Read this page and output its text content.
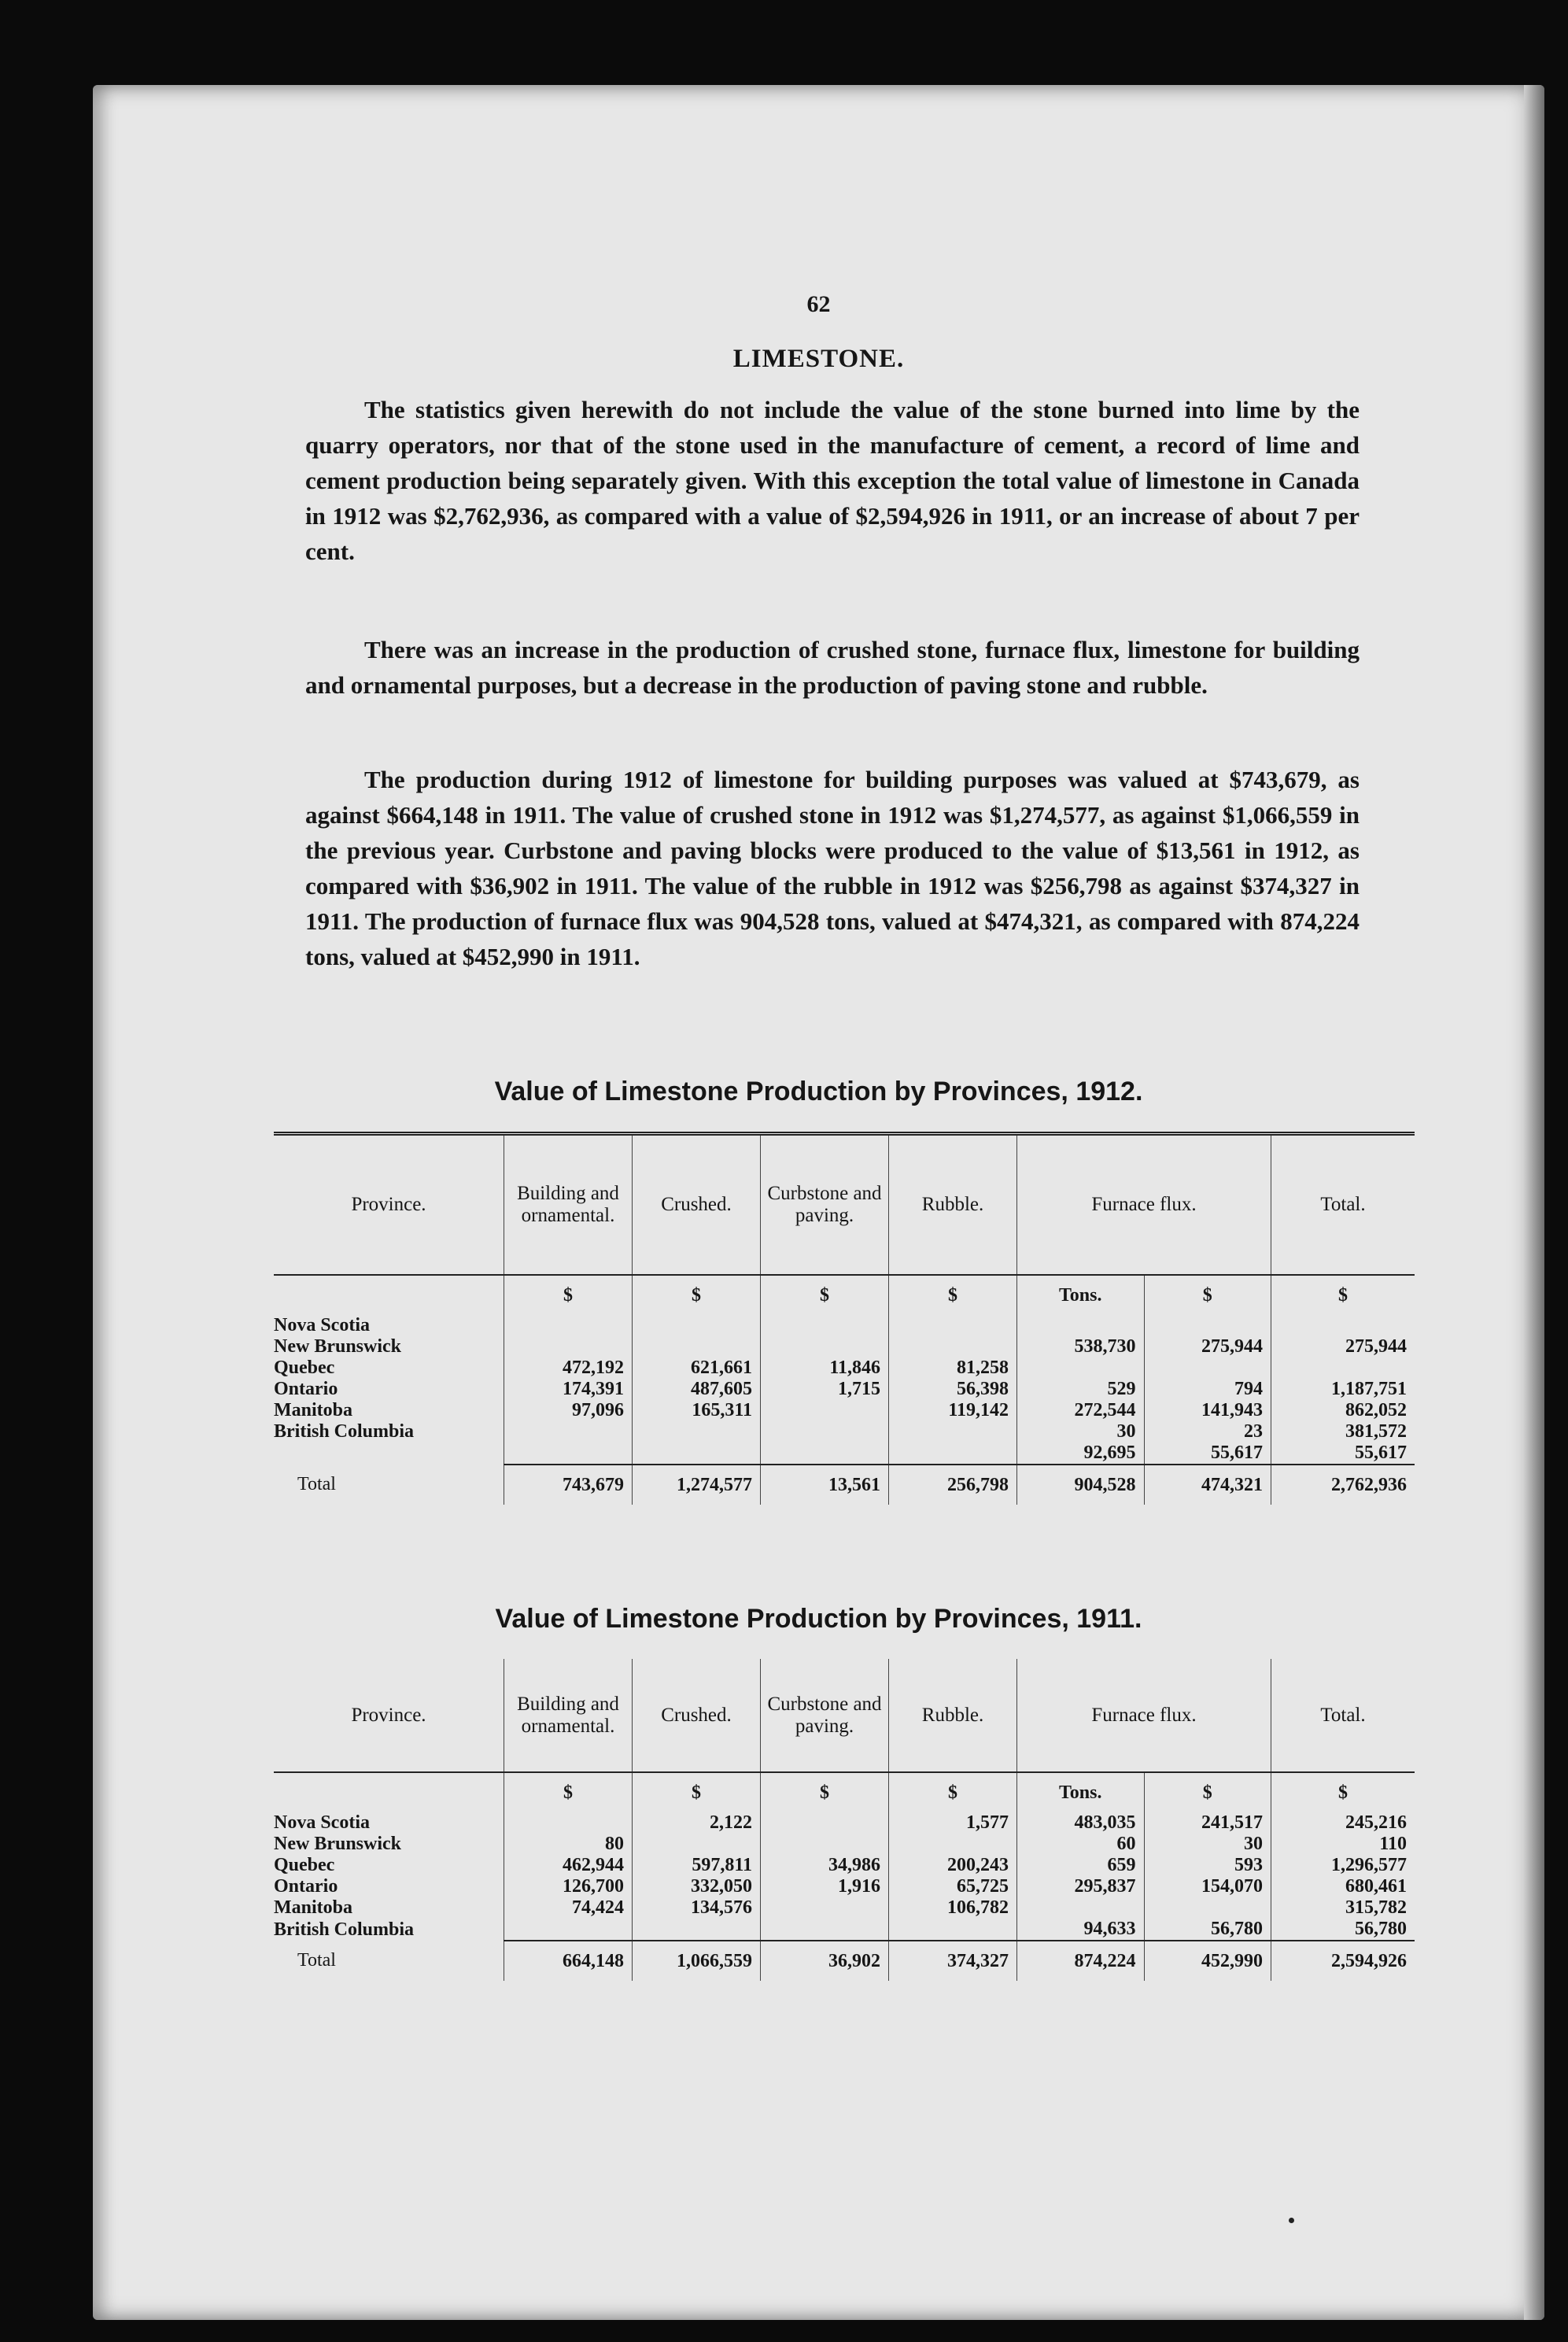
62
LIMESTONE.

The statistics given herewith do not include the value of the stone burned into lime by the quarry operators, nor that of the stone used in the manufacture of cement, a record of lime and cement production being separately given. With this exception the total value of limestone in Canada in 1912 was $2,762,936, as compared with a value of $2,594,926 in 1911, or an increase of about 7 per cent.

There was an increase in the production of crushed stone, furnace flux, limestone for building and ornamental purposes, but a decrease in the production of paving stone and rubble.

The production during 1912 of limestone for building purposes was valued at $743,679, as against $664,148 in 1911. The value of crushed stone in 1912 was $1,274,577, as against $1,066,559 in the previous year. Curbstone and paving blocks were produced to the value of $13,561 in 1912, as compared with $36,902 in 1911. The value of the rubble in 1912 was $256,798 as against $374,327 in 1911. The production of furnace flux was 904,528 tons, valued at $474,321, as compared with 874,224 tons, valued at $452,990 in 1911.

Value of Limestone Production by Provinces, 1912.
Province.	Building and ornamental.	Crushed.	Curbstone and paving.	Rubble.	Furnace flux.		Total.
	$	$	$	$	Tons.	$	$
Nova Scotia							
New Brunswick					538,730	275,944	275,944
Quebec	472,192	621,661	11,846	81,258			
Ontario	174,391	487,605	1,715	56,398	529	794	1,187,751
Manitoba	97,096	165,311		119,142	272,544	141,943	862,052
British Columbia					30	23	381,572
					92,695	55,617	55,617
Total	743,679	1,274,577	13,561	256,798	904,528	474,321	2,762,936
Value of Limestone Production by Provinces, 1911.
Province.	Building and ornamental.	Crushed.	Curbstone and paving.	Rubble.	Furnace flux.		Total.
	$	$	$	$	Tons.	$	$
Nova Scotia		2,122		1,577	483,035	241,517	245,216
New Brunswick	80				60	30	110
Quebec	462,944	597,811	34,986	200,243	659	593	1,296,577
Ontario	126,700	332,050	1,916	65,725	295,837	154,070	680,461
Manitoba	74,424	134,576		106,782			315,782
British Columbia					94,633	56,780	56,780
Total	664,148	1,066,559	36,902	374,327	874,224	452,990	2,594,926
